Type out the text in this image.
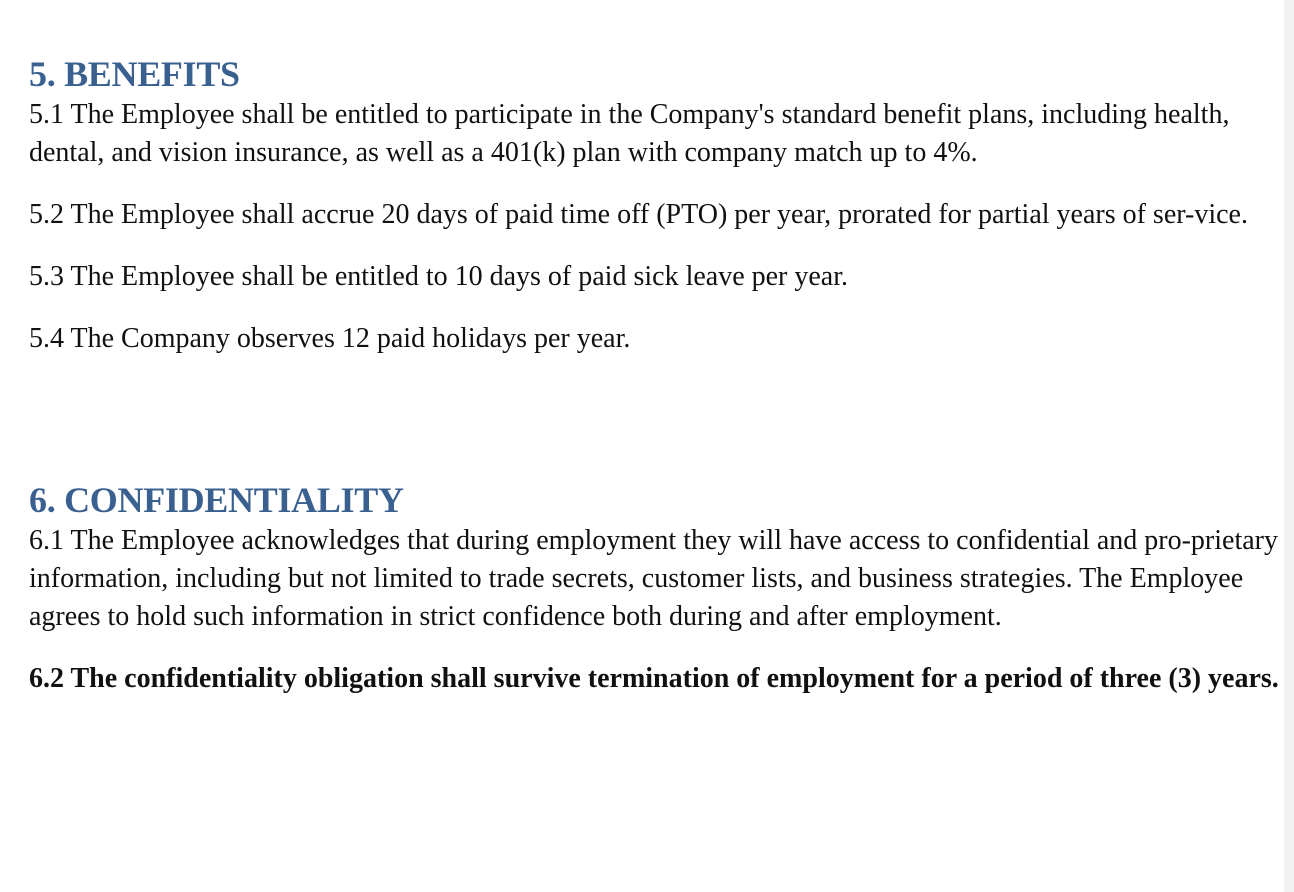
5. BENEFITS

5.1 The Employee shall be entitled to participate in the Company's standard benefit plans, including health, dental, and vision insurance, as well as a 401(k) plan with company match up to 4%.

5.2 The Employee shall accrue 20 days of paid time off (PTO) per year, prorated for partial years of ser-vice.

5.3 The Employee shall be entitled to 10 days of paid sick leave per year.

5.4 The Company observes 12 paid holidays per year.

6. CONFIDENTIALITY

6.1 The Employee acknowledges that during employment they will have access to confidential and pro-prietary information, including but not limited to trade secrets, customer lists, and business strategies. The Employee agrees to hold such information in strict confidence both during and after employment.

6.2 The confidentiality obligation shall survive termination of employment for a period of three (3) years.
